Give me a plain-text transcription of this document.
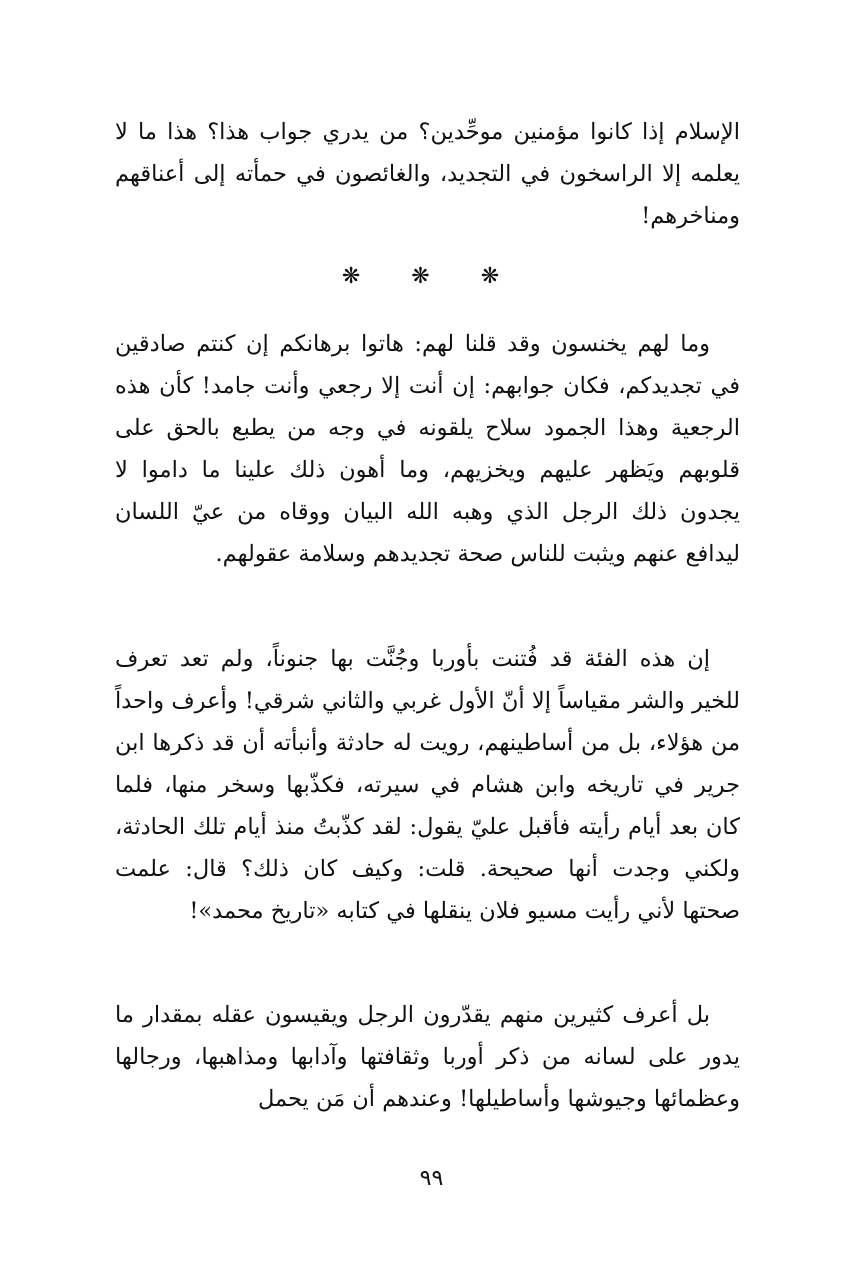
الإسلام إذا كانوا مؤمنين موحِّدين؟ من يدري جواب هذا؟ هذا ما لا يعلمه إلا الراسخون في التجديد، والغائصون في حمأته إلى أعناقهم ومناخرهم!

❋ ❋ ❋

وما لهم يخنسون وقد قلنا لهم: هاتوا برهانكم إن كنتم صادقين في تجديدكم، فكان جوابهم: إن أنت إلا رجعي وأنت جامد! كأن هذه الرجعية وهذا الجمود سلاح يلقونه في وجه من يطبع بالحق على قلوبهم ويَظهر عليهم ويخزيهم، وما أهون ذلك علينا ما داموا لا يجدون ذلك الرجل الذي وهبه الله البيان ووقاه من عيّ اللسان ليدافع عنهم ويثبت للناس صحة تجديدهم وسلامة عقولهم.

إن هذه الفئة قد فُتنت بأوربا وجُنَّت بها جنوناً، ولم تعد تعرف للخير والشر مقياساً إلا أنّ الأول غربي والثاني شرقي! وأعرف واحداً من هؤلاء، بل من أساطينهم، رويت له حادثة وأنبأته أن قد ذكرها ابن جرير في تاريخه وابن هشام في سيرته، فكذّبها وسخر منها، فلما كان بعد أيام رأيته فأقبل عليّ يقول: لقد كذّبتُ منذ أيام تلك الحادثة، ولكني وجدت أنها صحيحة. قلت: وكيف كان ذلك؟ قال: علمت صحتها لأني رأيت مسيو فلان ينقلها في كتابه «تاريخ محمد»!

بل أعرف كثيرين منهم يقدّرون الرجل ويقيسون عقله بمقدار ما يدور على لسانه من ذكر أوربا وثقافتها وآدابها ومذاهبها، ورجالها وعظمائها وجيوشها وأساطيلها! وعندهم أن مَن يحمل

٩٩
